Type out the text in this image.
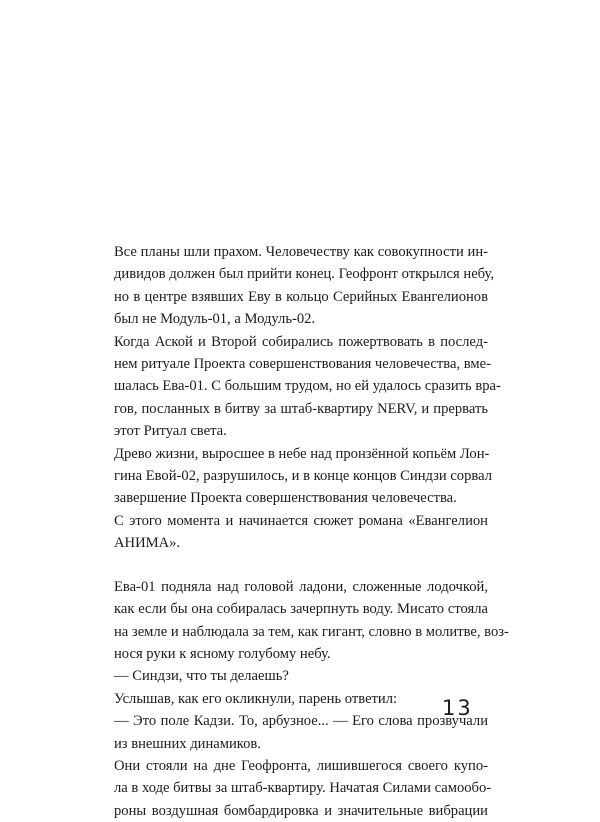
Все планы шли прахом. Человечеству как совокупности ин-
дивидов должен был прийти конец. Геофронт открылся небу,
но в центре взявших Еву в кольцо Серийных Евангелионов
был не Модуль-01, а Модуль-02.

Когда Аской и Второй собирались пожертвовать в послед-
нем ритуале Проекта совершенствования человечества, вме-
шалась Ева-01. С большим трудом, но ей удалось сразить вра-
гов, посланных в битву за штаб-квартиру NERV, и прервать
этот Ритуал света.

Древо жизни, выросшее в небе над пронзённой копьём Лон-
гина Евой-02, разрушилось, и в конце концов Синдзи сорвал
завершение Проекта совершенствования человечества.

С этого момента и начинается сюжет романа «Евангелион
АНИМА».

Ева-01 подняла над головой ладони, сложенные лодочкой,
как если бы она собиралась зачерпнуть воду. Мисато стояла
на земле и наблюдала за тем, как гигант, словно в молитве, воз-
нося руки к ясному голубому небу.

— Синдзи, что ты делаешь?

Услышав, как его окликнули, парень ответил:

— Это поле Кадзи. То, арбузное... — Его слова прозвучали
из внешних динамиков.

Они стояли на дне Геофронта, лишившегося своего купо-
ла в ходе битвы за штаб-квартиру. Начатая Силами самообо-
роны воздушная бомбардировка и значительные вибрации

13
